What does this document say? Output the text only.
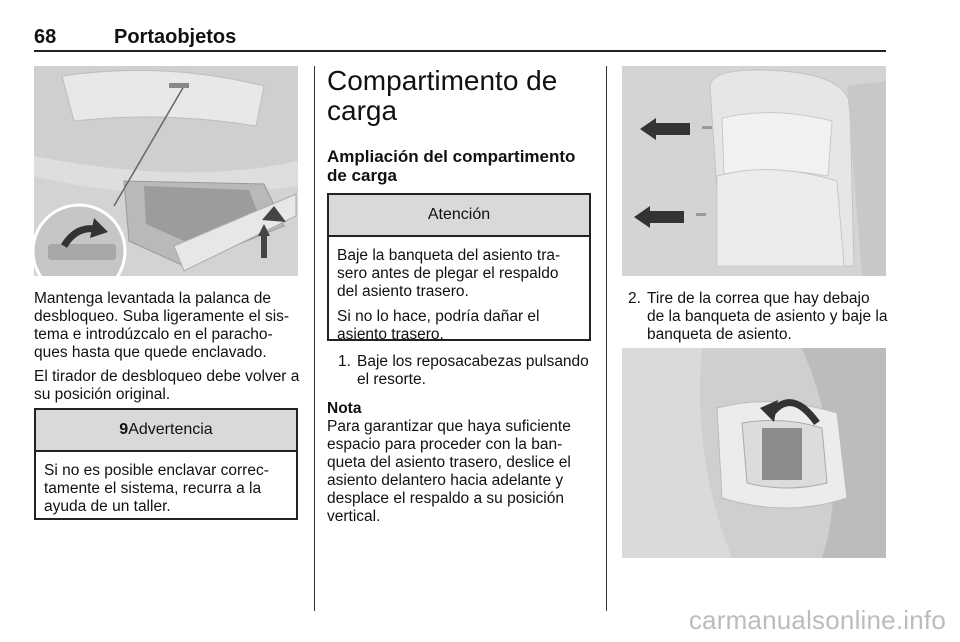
68	Portaobjetos

Mantenga levantada la palanca de desbloqueo. Suba ligeramente el sis-tema e introdúzcalo en el paracho-ques hasta que quede enclavado.

El tirador de desbloqueo debe volver a su posición original.

9Advertencia

Si no es posible enclavar correc-tamente el sistema, recurra a la ayuda de un taller.

Compartimento de carga
Ampliación del compartimento de carga
Atención

Baje la banqueta del asiento tra-sero antes de plegar el respaldo del asiento trasero.

Si no lo hace, podría dañar el asiento trasero.

1. Baje los reposacabezas pulsando el resorte.
Nota

Para garantizar que haya suficiente espacio para proceder con la ban-queta del asiento trasero, deslice el asiento delantero hacia adelante y desplace el respaldo a su posición vertical.

2. Tire de la correa que hay debajo de la banqueta de asiento y baje la banqueta de asiento.
carmanualsonline.info
